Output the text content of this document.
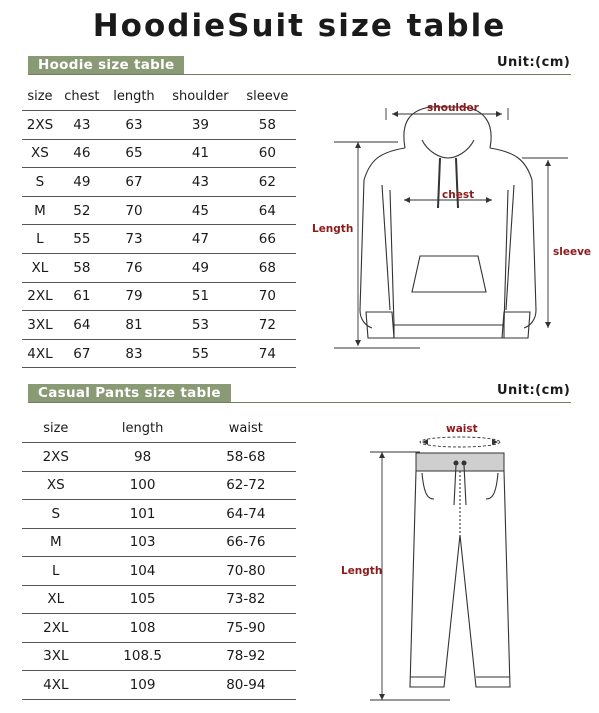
HoodieSuit size table
Hoodie size table	Unit:(cm)
size	chest	length	shoulder	sleeve
2XS	43	63	39	58
XS	46	65	41	60
S	49	67	43	62
M	52	70	45	64
L	55	73	47	66
XL	58	76	49	68
2XL	61	79	51	70
3XL	64	81	53	72
4XL	67	83	55	74
shoulder
chest
Length
sleeve
Casual Pants size table	Unit:(cm)
size	length	waist
2XS	98	58-68
XS	100	62-72
S	101	64-74
M	103	66-76
L	104	70-80
XL	105	73-82
2XL	108	75-90
3XL	108.5	78-92
4XL	109	80-94
waist
Length
